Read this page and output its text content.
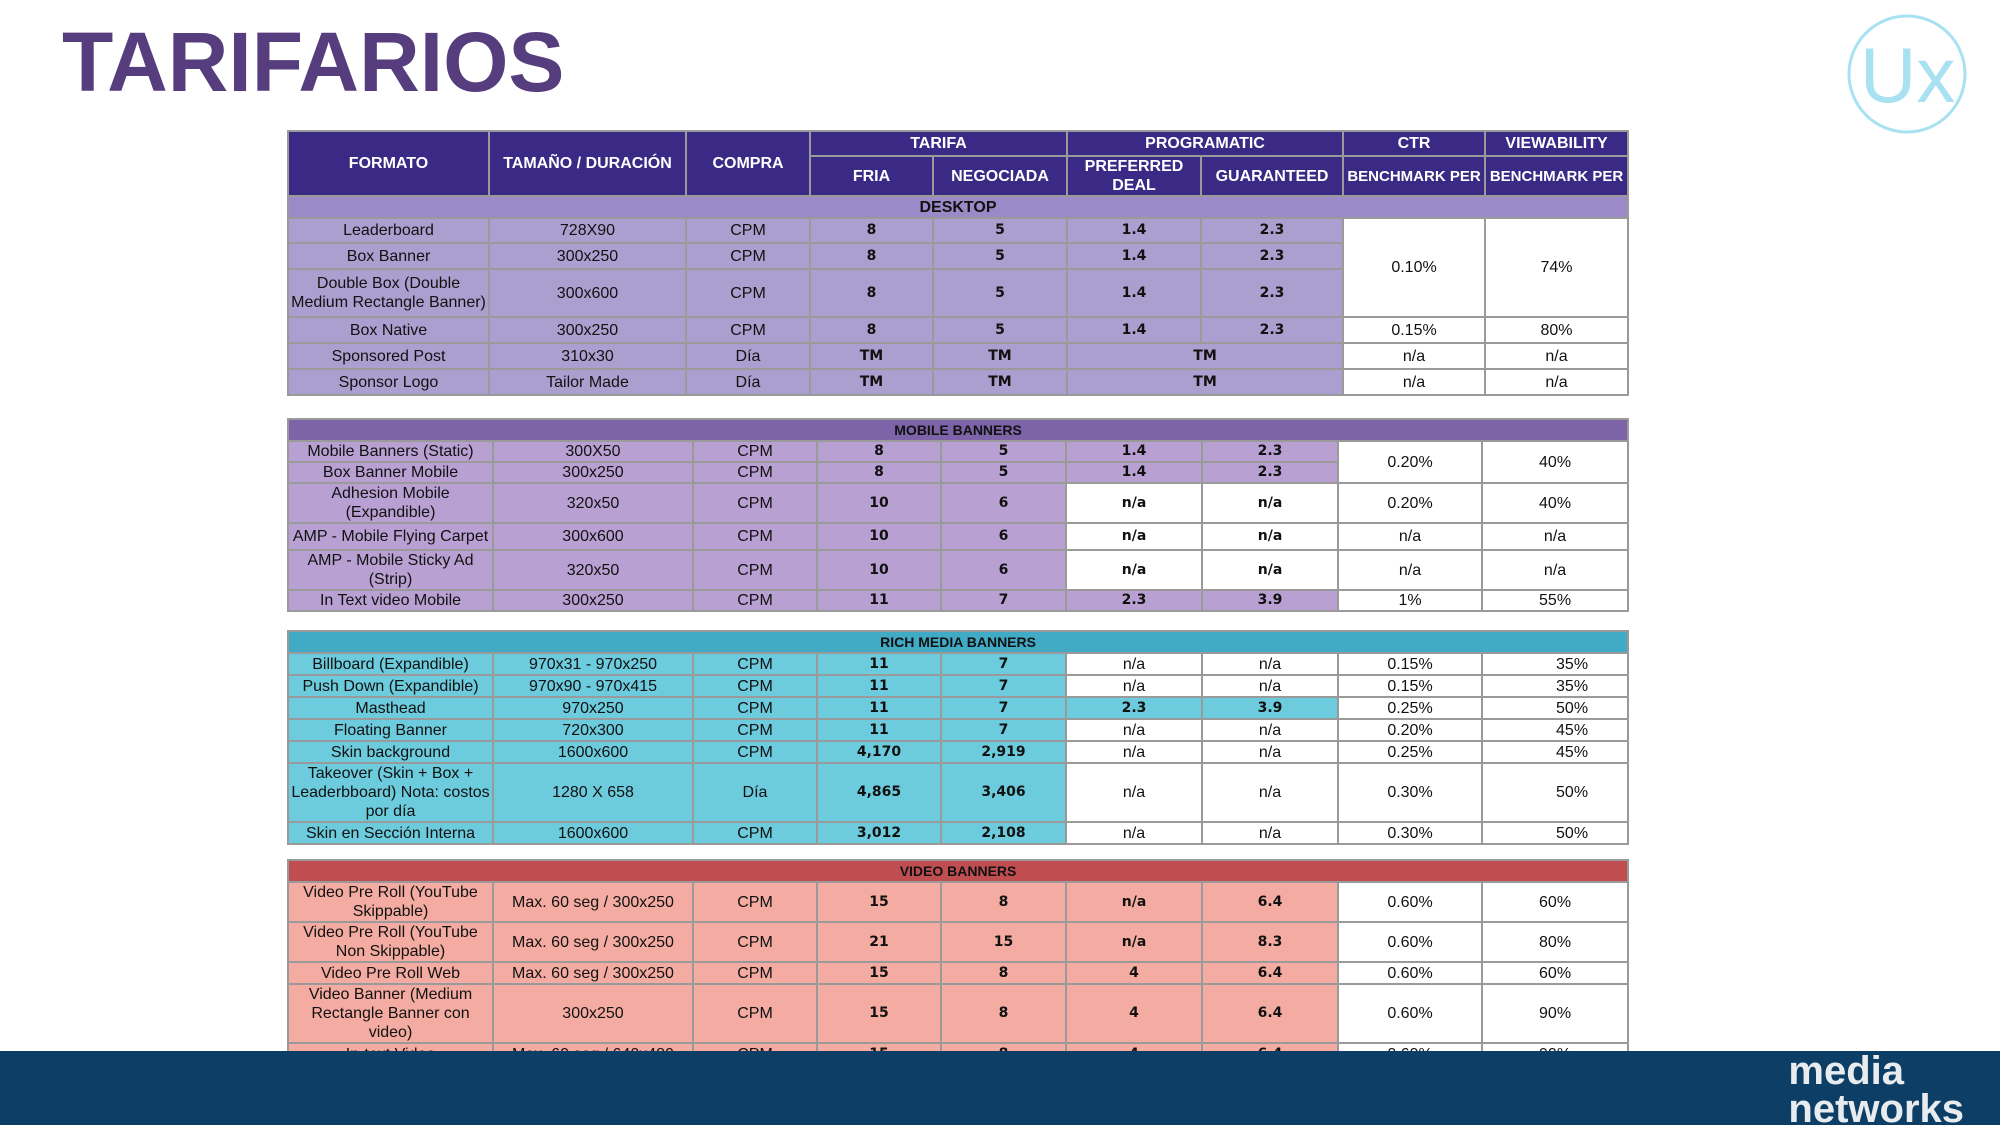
TARIFARIOS	Ux
FORMATO	TAMAÑO / DURACIÓN	COMPRA	TARIFA		PROGRAMATIC		CTR	VIEWABILITY
			FRIA	NEGOCIADA	PREFERRED DEAL	GUARANTEED	BENCHMARK PER	BENCHMARK PER
DESKTOP								
Leaderboard	728X90	CPM	8	5	1.4	2.3	0.10%	74%
Box Banner	300x250	CPM	8	5	1.4	2.3		
Double Box (Double Medium Rectangle Banner)	300x600	CPM	8	5	1.4	2.3		
Box Native	300x250	CPM	8	5	1.4	2.3	0.15%	80%
Sponsored Post	310x30	Día	TM	TM	TM		n/a	n/a
Sponsor Logo	Tailor Made	Día	TM	TM	TM		n/a	n/a
MOBILE BANNERS								
Mobile Banners (Static)	300X50	CPM	8	5	1.4	2.3	0.20%	40%
Box Banner Mobile	300x250	CPM	8	5	1.4	2.3		
Adhesion Mobile (Expandible)	320x50	CPM	10	6	n/a	n/a	0.20%	40%
AMP - Mobile Flying Carpet	300x600	CPM	10	6	n/a	n/a	n/a	n/a
AMP - Mobile Sticky Ad (Strip)	320x50	CPM	10	6	n/a	n/a	n/a	n/a
In Text video Mobile	300x250	CPM	11	7	2.3	3.9	1%	55%
RICH MEDIA BANNERS								
Billboard (Expandible)	970x31 - 970x250	CPM	11	7	n/a	n/a	0.15%	35%
Push Down (Expandible)	970x90 - 970x415	CPM	11	7	n/a	n/a	0.15%	35%
Masthead	970x250	CPM	11	7	2.3	3.9	0.25%	50%
Floating Banner	720x300	CPM	11	7	n/a	n/a	0.20%	45%
Skin background	1600x600	CPM	4,170	2,919	n/a	n/a	0.25%	45%
Takeover (Skin + Box + Leaderbboard) Nota: costos por día	1280 X 658	Día	4,865	3,406	n/a	n/a	0.30%	50%
Skin en Sección Interna	1600x600	CPM	3,012	2,108	n/a	n/a	0.30%	50%
VIDEO BANNERS								
Video Pre Roll (YouTube Skippable)	Max. 60 seg / 300x250	CPM	15	8	n/a	6.4	0.60%	60%
Video Pre Roll (YouTube Non Skippable)	Max. 60 seg / 300x250	CPM	21	15	n/a	8.3	0.60%	80%
Video Pre Roll Web	Max. 60 seg / 300x250	CPM	15	8	4	6.4	0.60%	60%
Video Banner (Medium Rectangle Banner con video)	300x250	CPM	15	8	4	6.4	0.60%	90%

media
networks
